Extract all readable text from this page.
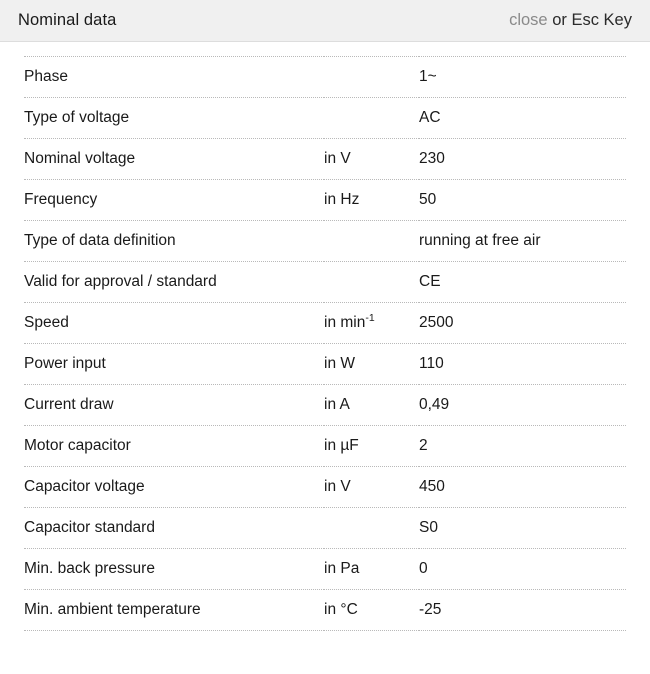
Nominal data	close or Esc Key
Phase		1~
Type of voltage		AC
Nominal voltage	in V	230
Frequency	in Hz	50
Type of data definition		running at free air
Valid for approval / standard		CE
Speed	in $\min^{-1}$	2500
Power input	in W	110
Current draw	in A	0,49
Motor capacitor	in µF	2
Capacitor voltage	in V	450
Capacitor standard		S0
Min. back pressure	in Pa	0
Min. ambient temperature	in °C	-25
